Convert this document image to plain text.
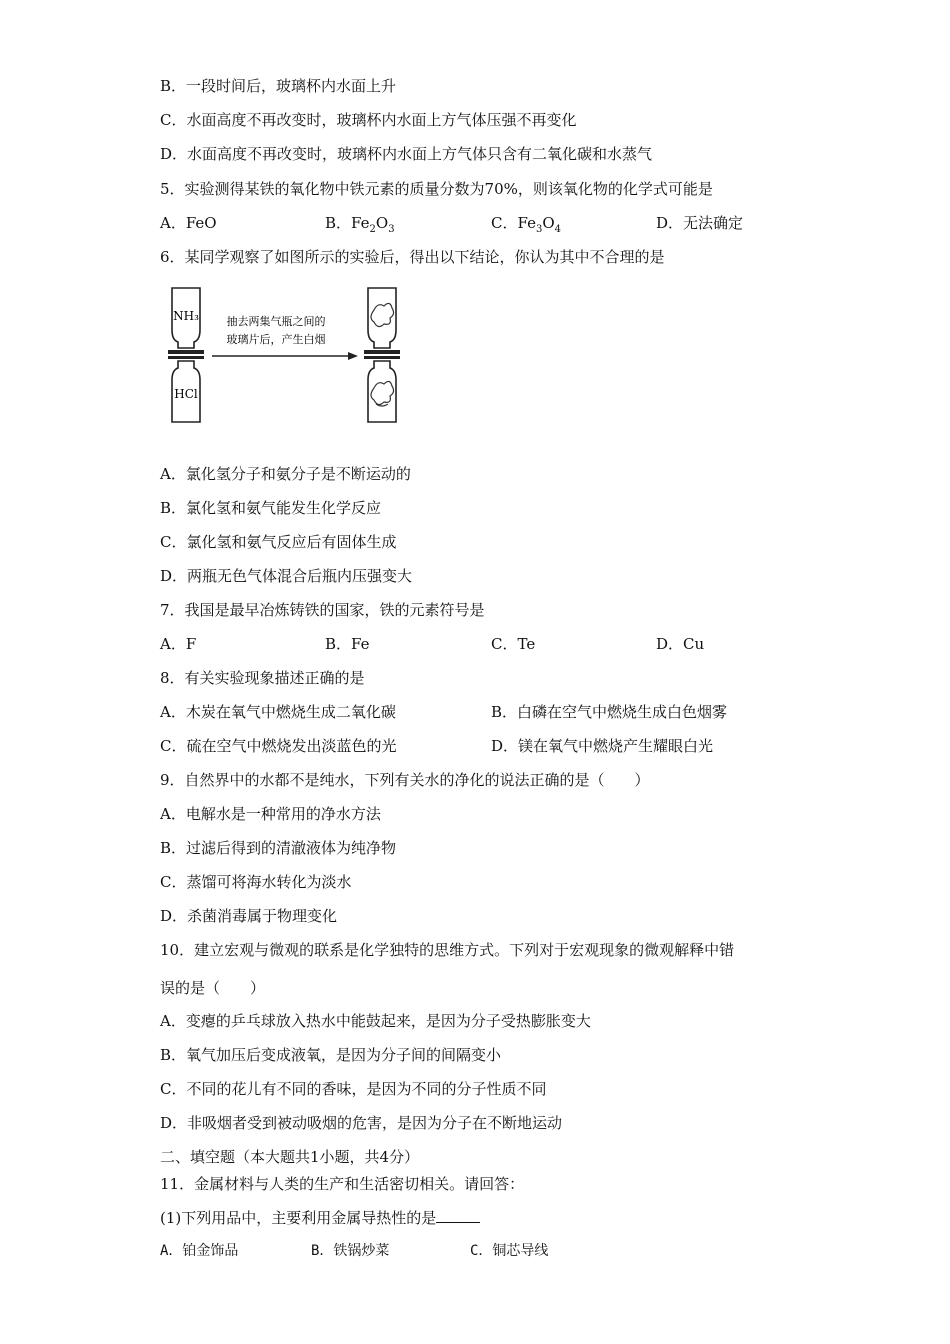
B．一段时间后，玻璃杯内水面上升
C．水面高度不再改变时，玻璃杯内水面上方气体压强不再变化
D．水面高度不再改变时，玻璃杯内水面上方气体只含有二氧化碳和水蒸气
5．实验测得某铁的氧化物中铁元素的质量分数为70%，则该氧化物的化学式可能是
A．FeO	B．$Fe_2O_3$	C．$Fe_3O_4$	D．无法确定
6．某同学观察了如图所示的实验后，得出以下结论，你认为其中不合理的是
NH₃
HCl
抽去两集气瓶之间的
玻璃片后，产生白烟
A．氯化氢分子和氨分子是不断运动的
B．氯化氢和氨气能发生化学反应
C．氯化氢和氨气反应后有固体生成
D．两瓶无色气体混合后瓶内压强变大
7．我国是最早冶炼铸铁的国家，铁的元素符号是
A．F	B．Fe	C．Te	D．Cu
8．有关实验现象描述正确的是
A．木炭在氧气中燃烧生成二氧化碳	B．白磷在空气中燃烧生成白色烟雾
C．硫在空气中燃烧发出淡蓝色的光	D．镁在氧气中燃烧产生耀眼白光
9．自然界中的水都不是纯水，下列有关水的净化的说法正确的是（　　）
A．电解水是一种常用的净水方法
B．过滤后得到的清澈液体为纯净物
C．蒸馏可将海水转化为淡水
D．杀菌消毒属于物理变化
10．建立宏观与微观的联系是化学独特的思维方式。下列对于宏观现象的微观解释中错
误的是（　　）
A．变瘪的乒乓球放入热水中能鼓起来，是因为分子受热膨胀变大
B．氧气加压后变成液氧，是因为分子间的间隔变小
C．不同的花儿有不同的香味，是因为不同的分子性质不同
D．非吸烟者受到被动吸烟的危害，是因为分子在不断地运动
二、填空题（本大题共1小题，共4分）
11．金属材料与人类的生产和生活密切相关。请回答：
(1)下列用品中，主要利用金属导热性的是
A．铂金饰品	B．铁锅炒菜	C．铜芯导线
